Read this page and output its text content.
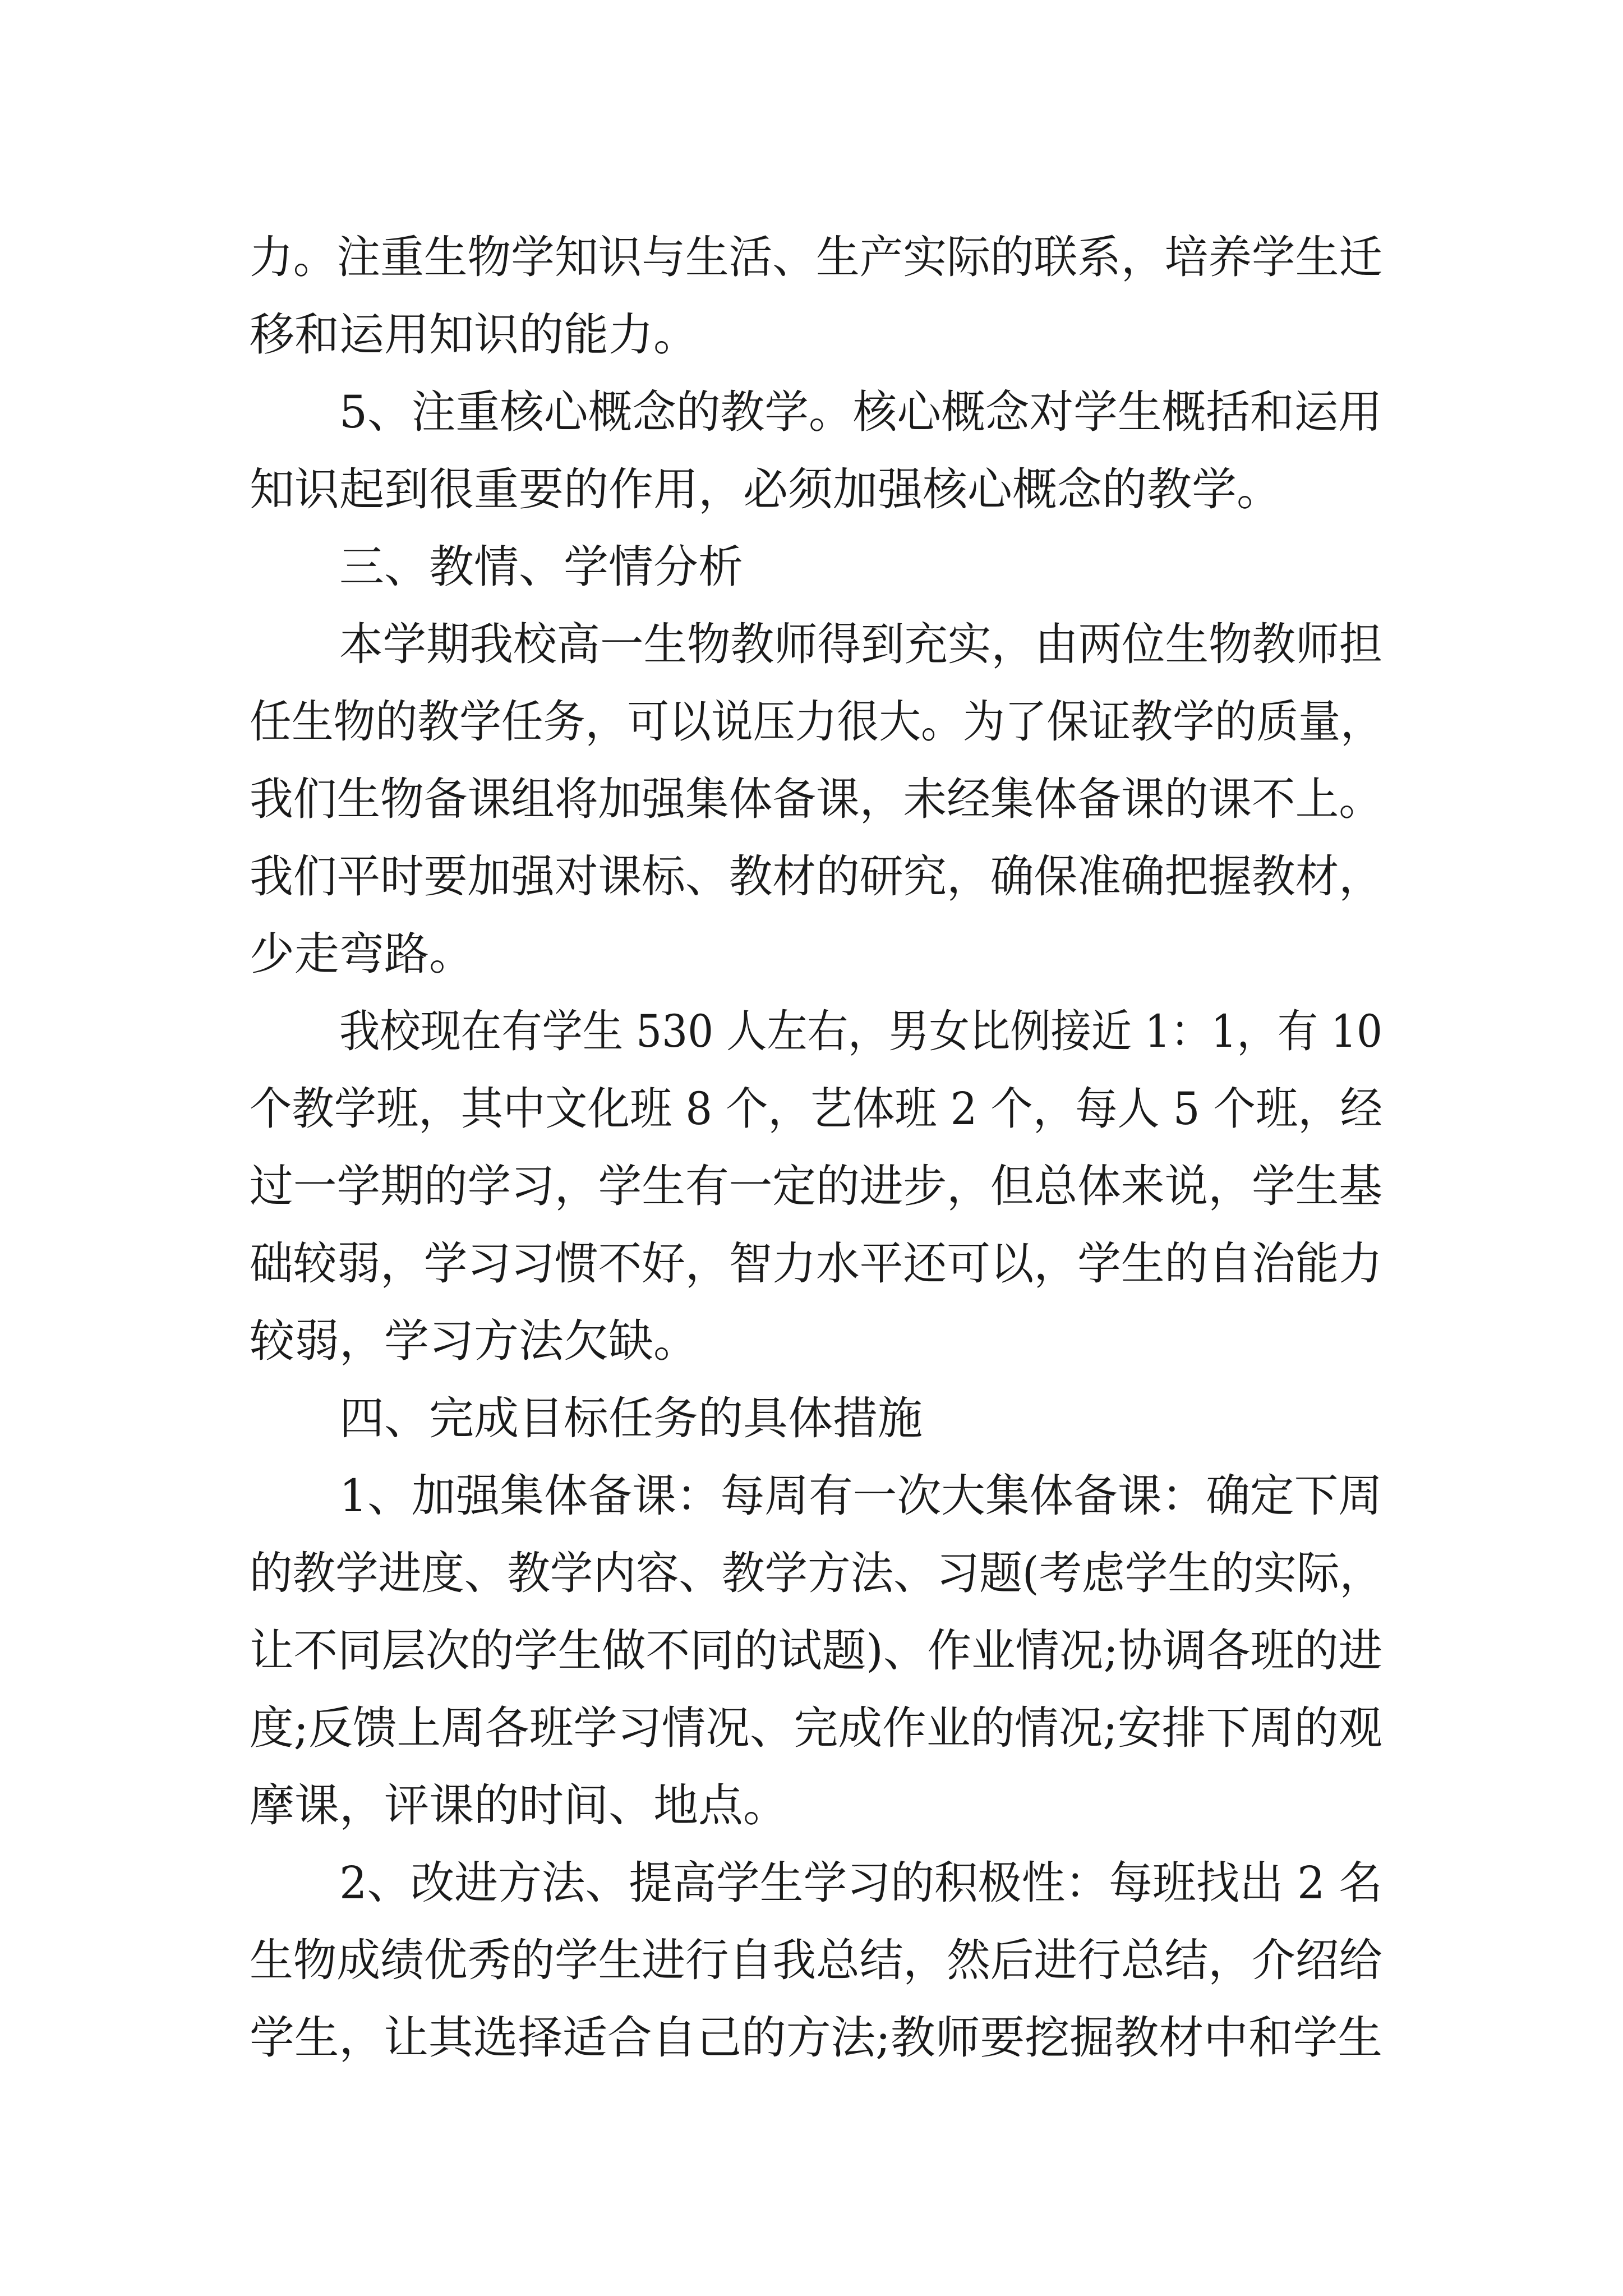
力。注重生物学知识与生活、生产实际的联系，培养学生迁
移和运用知识的能力。
5、注重核心概念的教学。核心概念对学生概括和运用
知识起到很重要的作用，必须加强核心概念的教学。
三、教情、学情分析
本学期我校高一生物教师得到充实，由两位生物教师担
任生物的教学任务，可以说压力很大。为了保证教学的质量，
我们生物备课组将加强集体备课，未经集体备课的课不上。
我们平时要加强对课标、教材的研究，确保准确把握教材，
少走弯路。
我校现在有学生 530 人左右，男女比例接近 1：1，有 10
个教学班，其中文化班 8 个，艺体班 2 个，每人 5 个班，经
过一学期的学习，学生有一定的进步，但总体来说，学生基
础较弱，学习习惯不好，智力水平还可以，学生的自治能力
较弱，学习方法欠缺。
四、完成目标任务的具体措施
1、加强集体备课：每周有一次大集体备课：确定下周
的教学进度、教学内容、教学方法、习题(考虑学生的实际，
让不同层次的学生做不同的试题)、作业情况;协调各班的进
度;反馈上周各班学习情况、完成作业的情况;安排下周的观
摩课，评课的时间、地点。
2、改进方法、提高学生学习的积极性：每班找出 2 名
生物成绩优秀的学生进行自我总结，然后进行总结，介绍给
学生，让其选择适合自己的方法;教师要挖掘教材中和学生
